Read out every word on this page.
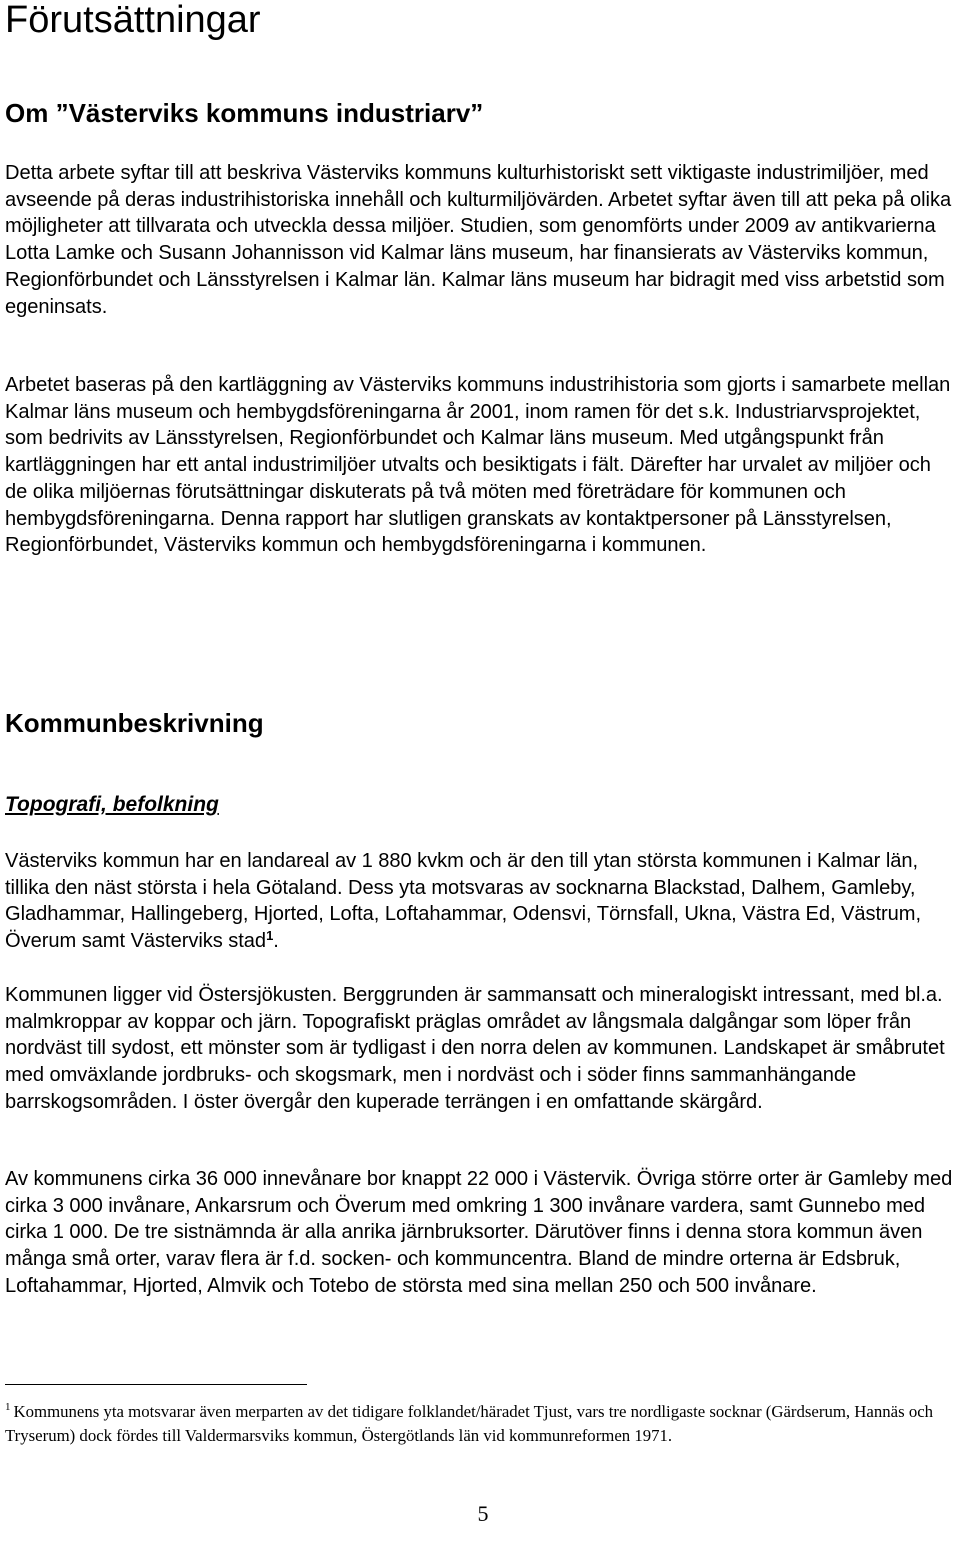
Förutsättningar
Om ”Västerviks kommuns industriarv”

Detta arbete syftar till att beskriva Västerviks kommuns kulturhistoriskt sett viktigaste industrimiljöer, med avseende på deras industrihistoriska innehåll och kulturmiljövärden. Arbetet syftar även till att peka på olika möjligheter att tillvarata och utveckla dessa miljöer. Studien, som genomförts under 2009 av antikvarierna Lotta Lamke och Susann Johannisson vid Kalmar läns museum, har finansierats av Västerviks kommun, Regionförbundet och Länsstyrelsen i Kalmar län. Kalmar läns museum har bidragit med viss arbetstid som egeninsats.

Arbetet baseras på den kartläggning av Västerviks kommuns industrihistoria som gjorts i samarbete mellan Kalmar läns museum och hembygdsföreningarna år 2001, inom ramen för det s.k. Industriarvsprojektet, som bedrivits av Länsstyrelsen, Regionförbundet och Kalmar läns museum. Med utgångspunkt från kartläggningen har ett antal industrimiljöer utvalts och besiktigats i fält. Därefter har urvalet av miljöer och de olika miljöernas förutsättningar diskuterats på två möten med företrädare för kommunen och hembygdsföreningarna. Denna rapport har slutligen granskats av kontaktpersoner på Länsstyrelsen, Regionförbundet, Västerviks kommun och hembygdsföreningarna i kommunen.

Kommunbeskrivning
Topografi, befolkning

Västerviks kommun har en landareal av 1 880 kvkm och är den till ytan största kommunen i Kalmar län, tillika den näst största i hela Götaland. Dess yta motsvaras av socknarna Blackstad, Dalhem, Gamleby, Gladhammar, Hallingeberg, Hjorted, Lofta, Loftahammar, Odensvi, Törnsfall, Ukna, Västra Ed, Västrum, Överum samt Västerviks stad$^1$.

Kommunen ligger vid Östersjökusten. Berggrunden är sammansatt och mineralogiskt intressant, med bl.a. malmkroppar av koppar och järn. Topografiskt präglas området av långsmala dalgångar som löper från nordväst till sydost, ett mönster som är tydligast i den norra delen av kommunen. Landskapet är småbrutet med omväxlande jordbruks- och skogsmark, men i nordväst och i söder finns sammanhängande barrskogsområden. I öster övergår den kuperade terrängen i en omfattande skärgård.

Av kommunens cirka 36 000 innevånare bor knappt 22 000 i Västervik. Övriga större orter är Gamleby med cirka 3 000 invånare, Ankarsrum och Överum med omkring 1 300 invånare vardera, samt Gunnebo med cirka 1 000. De tre sistnämnda är alla anrika järnbruksorter. Därutöver finns i denna stora kommun även många små orter, varav flera är f.d. socken- och kommuncentra. Bland de mindre orterna är Edsbruk, Loftahammar, Hjorted, Almvik och Totebo de största med sina mellan 250 och 500 invånare.

$^1$ Kommunens yta motsvarar även merparten av det tidigare folklandet/häradet Tjust, vars tre nordligaste socknar (Gärdserum, Hannäs och Tryserum) dock fördes till Valdermarsviks kommun, Östergötlands län vid kommunreformen 1971.

5
